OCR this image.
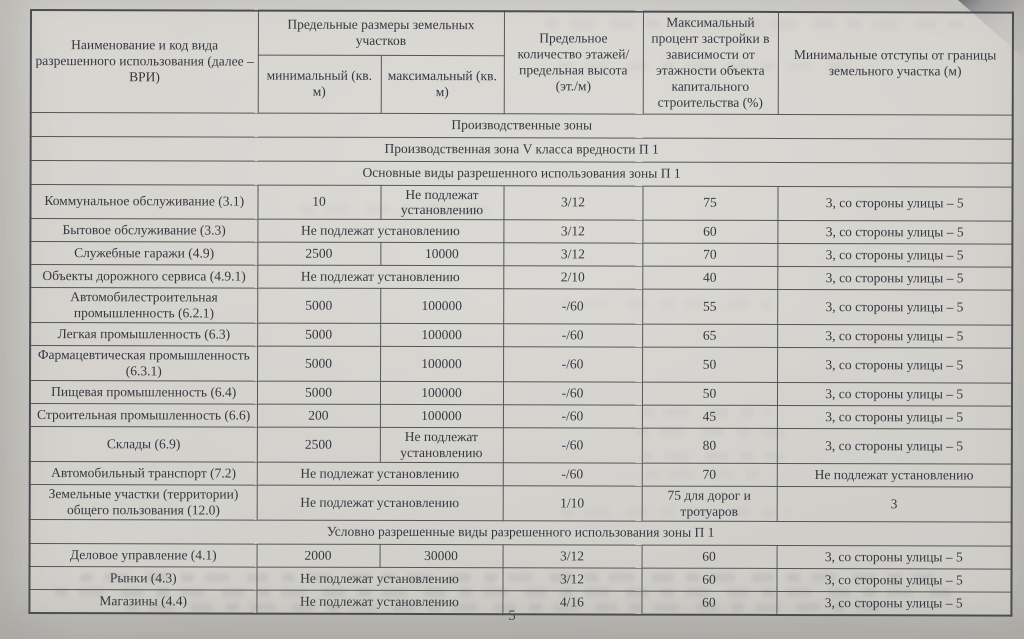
Наименование и код вида разрешенного использования (далее – ВРИ)	Предельные размеры земельных участков		Предельное количество этажей/ предельная высота (эт./м)	Максимальный процент застройки в зависимости от этажности объекта капитального строительства (%)	Минимальные отступы от границы земельного участка (м)
	минимальный (кв. м)	максимальный (кв. м)			
Производственные зоны					
Производственная зона V класса вредности П 1					
Основные виды разрешенного использования зоны П 1					
Коммунальное обслуживание (3.1)	10	Не подлежат установлению	3/12	75	3, со стороны улицы – 5
Бытовое обслуживание (3.3)	Не подлежат установлению		3/12	60	3, со стороны улицы – 5
Служебные гаражи (4.9)	2500	10000	3/12	70	3, со стороны улицы – 5
Объекты дорожного сервиса (4.9.1)	Не подлежат установлению		2/10	40	3, со стороны улицы – 5
Автомобилестроительная промышленность (6.2.1)	5000	100000	-/60	55	3, со стороны улицы – 5
Легкая промышленность (6.3)	5000	100000	-/60	65	3, со стороны улицы – 5
Фармацевтическая промышленность (6.3.1)	5000	100000	-/60	50	3, со стороны улицы – 5
Пищевая промышленность (6.4)	5000	100000	-/60	50	3, со стороны улицы – 5
Строительная промышленность (6.6)	200	100000	-/60	45	3, со стороны улицы – 5
Склады (6.9)	2500	Не подлежат установлению	-/60	80	3, со стороны улицы – 5
Автомобильный транспорт (7.2)	Не подлежат установлению		-/60	70	Не подлежат установлению
Земельные участки (территории) общего пользования (12.0)	Не подлежат установлению		1/10	75 для дорог и тротуаров	3
Условно разрешенные виды разрешенного использования зоны П 1					
Деловое управление (4.1)	2000	30000	3/12	60	3, со стороны улицы – 5
Рынки (4.3)	Не подлежат установлению		3/12	60	3, со стороны улицы – 5
Магазины (4.4)	Не подлежат установлению		4/16	60	3, со стороны улицы – 5
5
